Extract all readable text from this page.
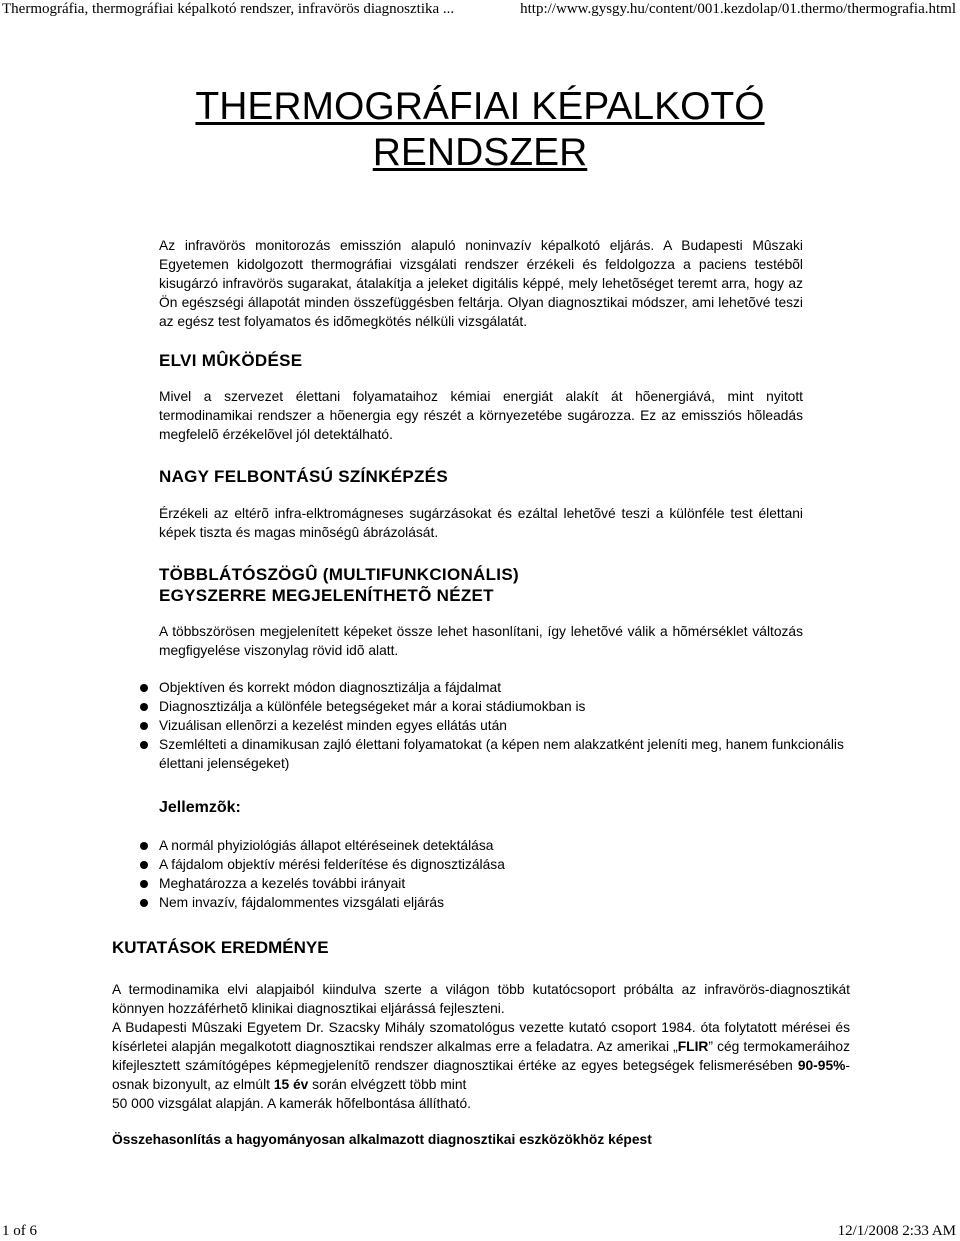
Thermográfia, thermográfiai képalkotó rendszer, infravörös diagnosztika ...	http://www.gysgy.hu/content/001.kezdolap/01.thermo/thermografia.html
THERMOGRÁFIAI KÉPALKOTÓ
RENDSZER

Az infravörös monitorozás emisszión alapuló noninvazív képalkotó eljárás. A Budapesti Mûszaki Egyetemen kidolgozott thermográfiai vizsgálati rendszer érzékeli és feldolgozza a paciens testébõl kisugárzó infravörös sugarakat, átalakítja a jeleket digitális képpé, mely lehetõséget teremt arra, hogy az Ön egészségi állapotát minden összefüggésben feltárja. Olyan diagnosztikai módszer, ami lehetõvé teszi az egész test folyamatos és idõmegkötés nélküli vizsgálatát.

ELVI MÛKÖDÉSE

Mivel a szervezet élettani folyamataihoz kémiai energiát alakít át hõenergiává, mint nyitott termodinamikai rendszer a hõenergia egy részét a környezetébe sugározza. Ez az emissziós hõleadás megfelelõ érzékelõvel jól detektálható.

NAGY FELBONTÁSÚ SZÍNKÉPZÉS

Érzékeli az eltérõ infra-elktromágneses sugárzásokat és ezáltal lehetõvé teszi a különféle test élettani képek tiszta és magas minõségû ábrázolását.

TÖBBLÁTÓSZÖGÛ (MULTIFUNKCIONÁLIS)
EGYSZERRE MEGJELENÍTHETÕ NÉZET

A többszörösen megjelenített képeket össze lehet hasonlítani, így lehetõvé válik a hõmérséklet változás megfigyelése viszonylag rövid idõ alatt.

Objektíven és korrekt módon diagnosztizálja a fájdalmat
Diagnosztizálja a különféle betegségeket már a korai stádiumokban is
Vizuálisan ellenõrzi a kezelést minden egyes ellátás után
Szemlélteti a dinamikusan zajló élettani folyamatokat (a képen nem alakzatként jeleníti meg, hanem funkcionális élettani jelenségeket)
Jellemzõk:
A normál phyiziológiás állapot eltéréseinek detektálása
A fájdalom objektív mérési felderítése és dignosztizálása
Meghatározza a kezelés további irányait
Nem invazív, fájdalommentes vizsgálati eljárás
KUTATÁSOK EREDMÉNYE

A termodinamika elvi alapjaiból kiindulva szerte a világon több kutatócsoport próbálta az infravörös-diagnosztikát könnyen hozzáférhetõ klinikai diagnosztikai eljárássá fejleszteni.

A Budapesti Mûszaki Egyetem Dr. Szacsky Mihály szomatológus vezette kutató csoport 1984. óta folytatott mérései és kísérletei alapján megalkotott diagnosztikai rendszer alkalmas erre a feladatra. Az amerikai „FLIR” cég termokameráihoz kifejlesztett számítógépes képmegjelenítõ rendszer diagnosztikai értéke az egyes betegségek felismerésében 90-95%-osnak bizonyult, az elmúlt 15 év során elvégzett több mint

50 000 vizsgálat alapján. A kamerák hõfelbontása állítható.

Összehasonlítás a hagyományosan alkalmazott diagnosztikai eszközökhöz képest

1 of 6	12/1/2008 2:33 AM
